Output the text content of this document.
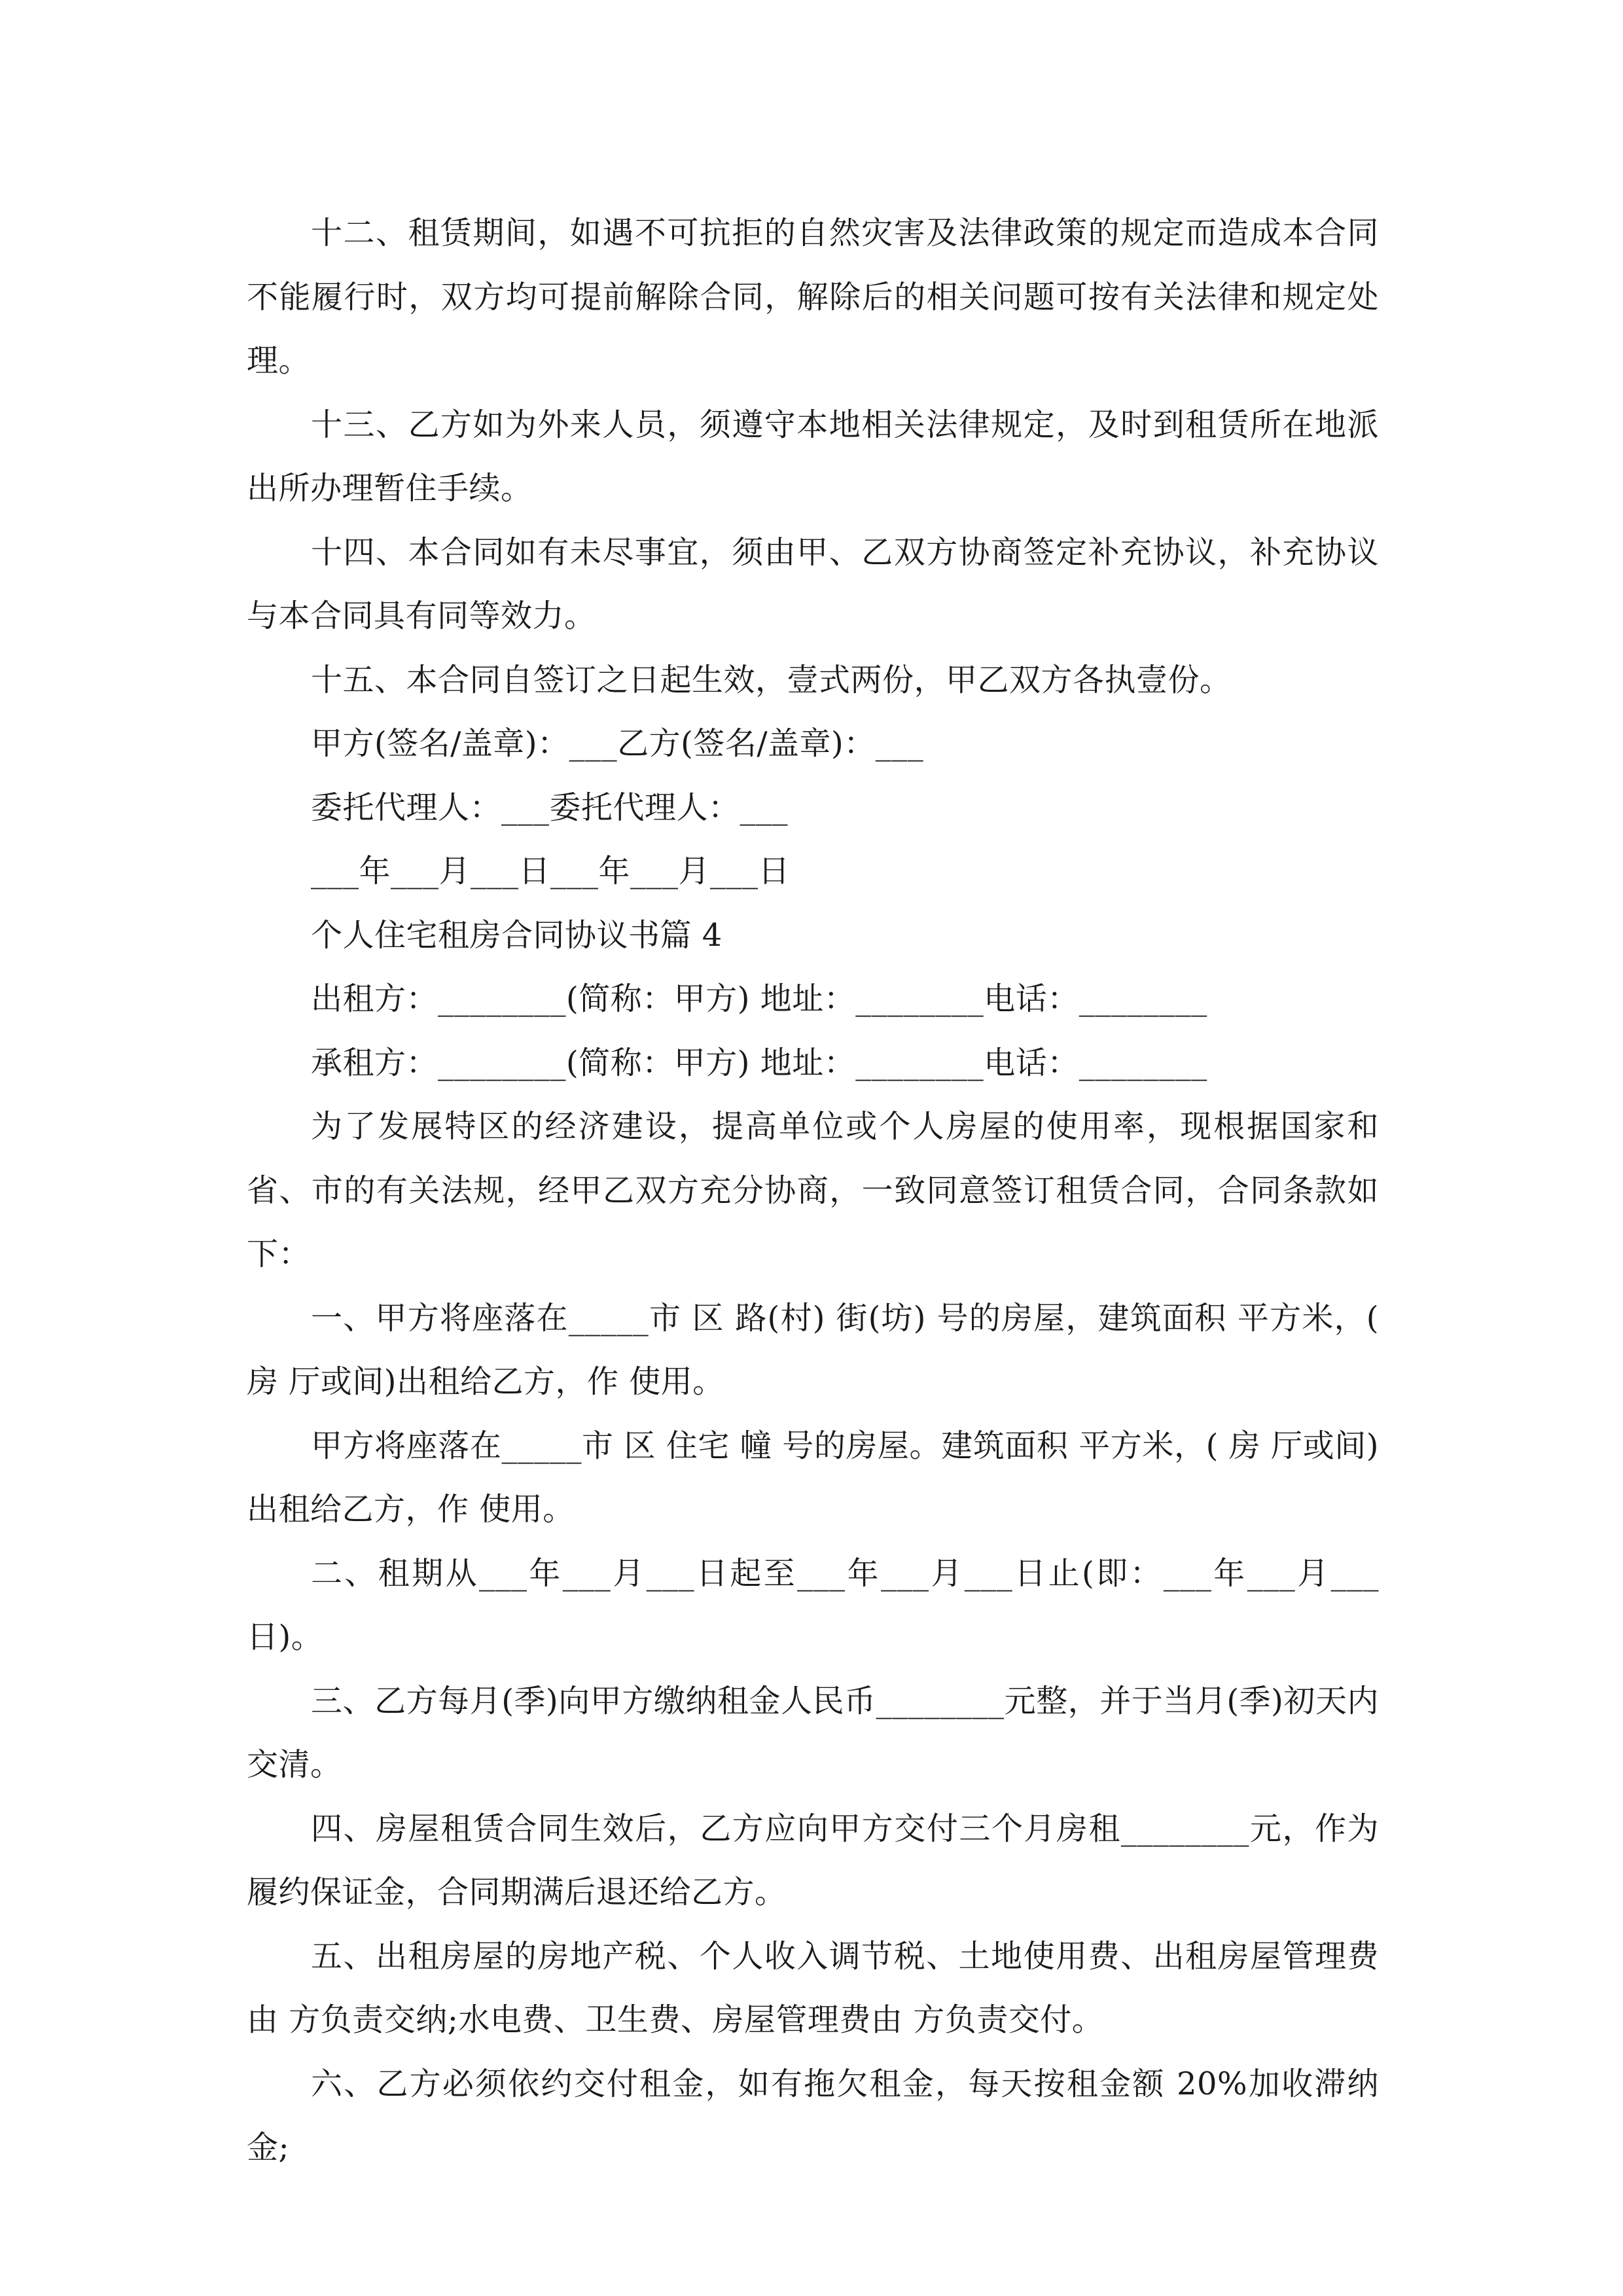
十二、租赁期间，如遇不可抗拒的自然灾害及法律政策的规定而造成本合同不能履行时，双方均可提前解除合同，解除后的相关问题可按有关法律和规定处理。

十三、乙方如为外来人员，须遵守本地相关法律规定，及时到租赁所在地派出所办理暂住手续。

十四、本合同如有未尽事宜，须由甲、乙双方协商签定补充协议，补充协议与本合同具有同等效力。

十五、本合同自签订之日起生效，壹式两份，甲乙双方各执壹份。

甲方(签名/盖章)：___乙方(签名/盖章)：___

委托代理人：___委托代理人：___

___年___月___日___年___月___日

个人住宅租房合同协议书篇 4

出租方：________(简称：甲方) 地址：________电话：________

承租方：________(简称：甲方) 地址：________电话：________

为了发展特区的经济建设，提高单位或个人房屋的使用率，现根据国家和省、市的有关法规，经甲乙双方充分协商，一致同意签订租赁合同，合同条款如下：

一、甲方将座落在_____市 区 路(村) 街(坊) 号的房屋，建筑面积 平方米，( 房 厅或间)出租给乙方，作 使用。

甲方将座落在_____市 区 住宅 幢 号的房屋。建筑面积 平方米，( 房 厅或间)出租给乙方，作 使用。

二、租期从___年___月___日起至___年___月___日止(即：___年___月___日)。

三、乙方每月(季)向甲方缴纳租金人民币________元整，并于当月(季)初天内交清。

四、房屋租赁合同生效后，乙方应向甲方交付三个月房租________元，作为履约保证金，合同期满后退还给乙方。

五、出租房屋的房地产税、个人收入调节税、土地使用费、出租房屋管理费由 方负责交纳;水电费、卫生费、房屋管理费由 方负责交付。

六、乙方必须依约交付租金，如有拖欠租金，每天按租金额 20%加收滞纳金;
